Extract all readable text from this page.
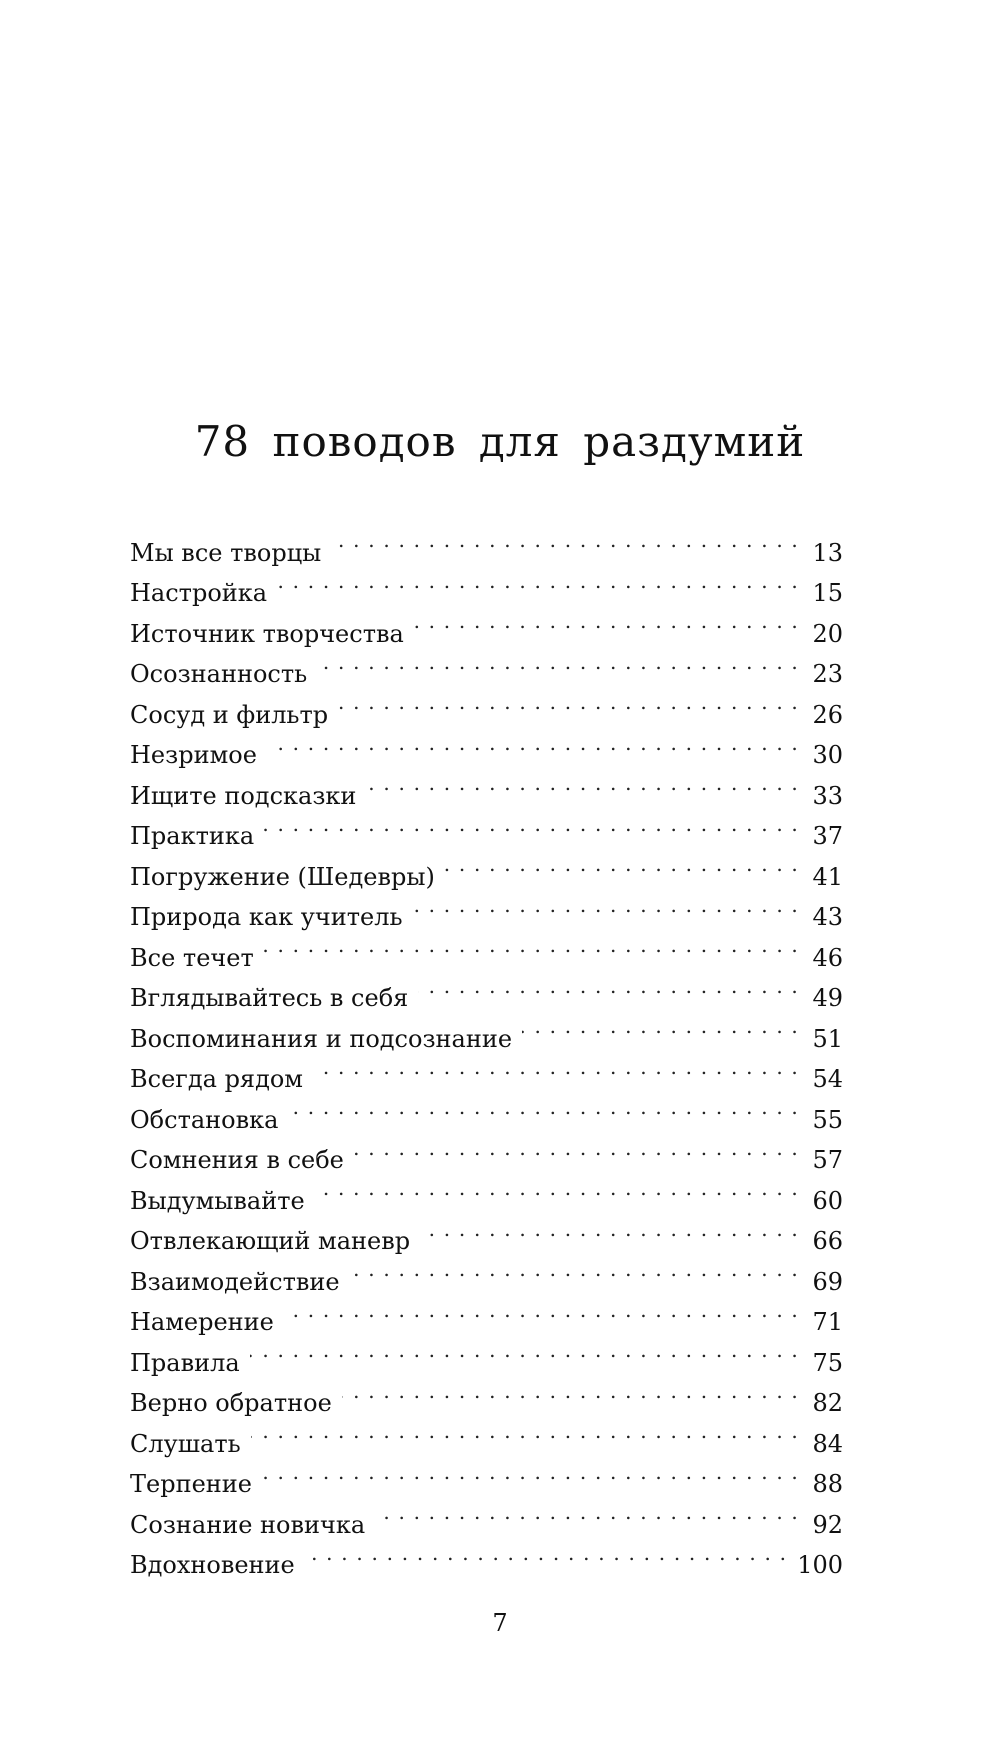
78 поводов для раздумий
Мы все творцы . . .	13
Настройка . . .	15
Источник творчества . . .	20
Осознанность . . .	23
Сосуд и фильтр . . .	26
Незримое . . .	30
Ищите подсказки . . .	33
Практика . . .	37
Погружение (Шедевры) . . .	41
Природа как учитель . . .	43
Все течет . . .	46
Вглядывайтесь в себя . . .	49
Воспоминания и подсознание . . .	51
Всегда рядом . . .	54
Обстановка . . .	55
Сомнения в себе . . .	57
Выдумывайте . . .	60
Отвлекающий маневр . . .	66
Взаимодействие . . .	69
Намерение . . .	71
Правила . . .	75
Верно обратное . . .	82
Слушать . . .	84
Терпение . . .	88
Сознание новичка . . .	92
Вдохновение . . .	100
7
